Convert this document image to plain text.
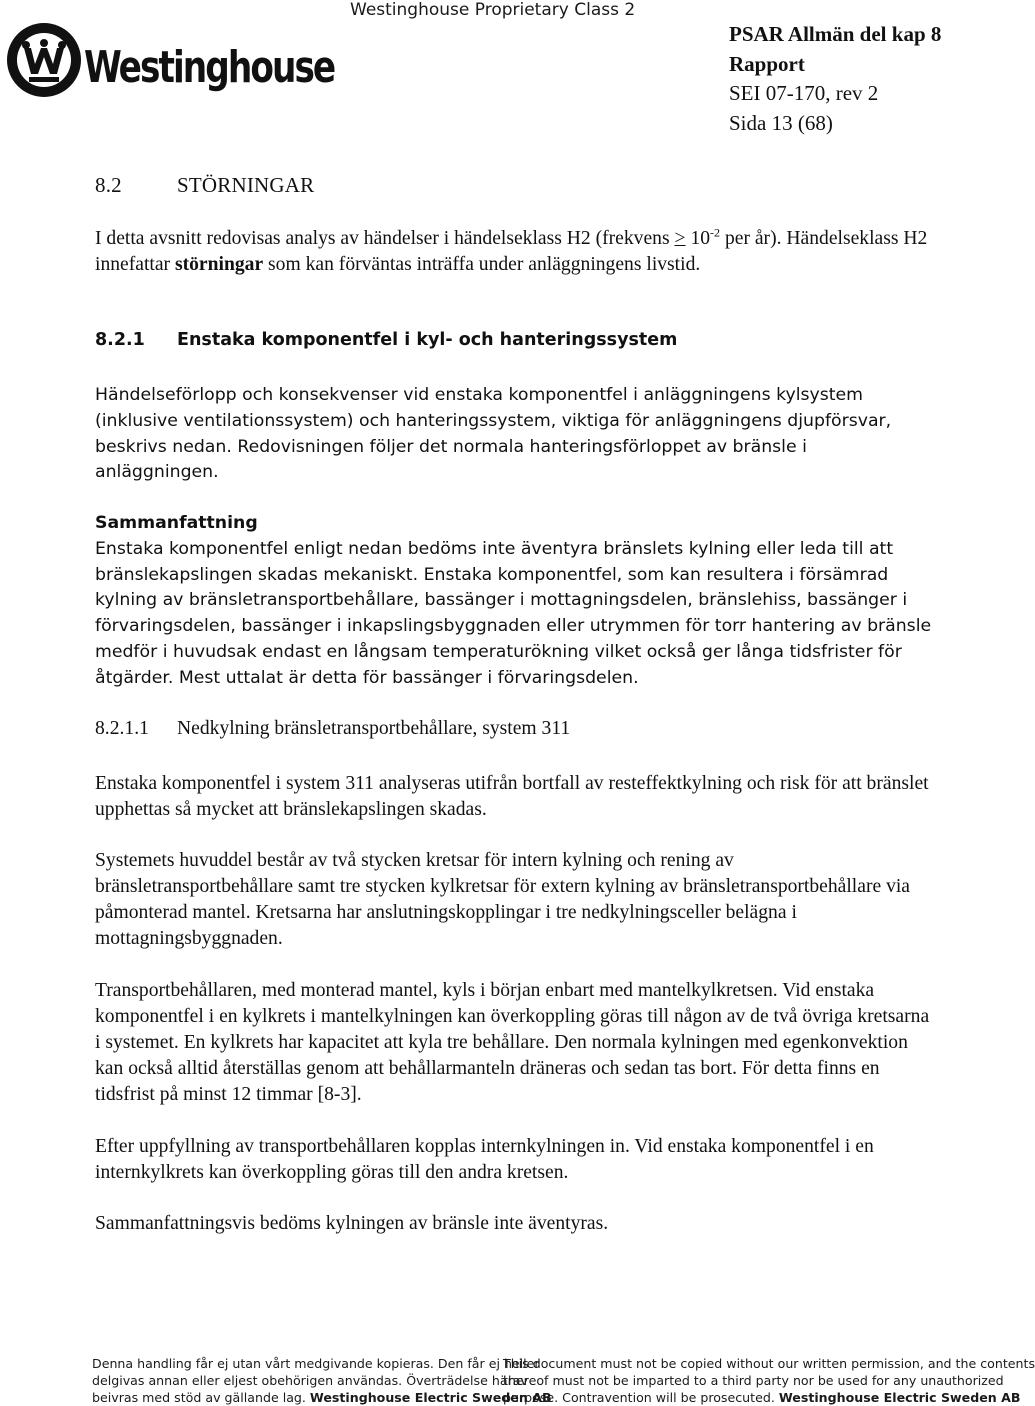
Westinghouse Proprietary Class 2
Westinghouse
PSAR Allmän del kap 8
Rapport
SEI 07-170, rev 2
Sida 13 (68)
8.2	STÖRNINGAR
I detta avsnitt redovisas analys av händelser i händelseklass H2 (frekvens ≥ $10^{-2}$ per år). Händelseklass H2 innefattar störningar som kan förväntas inträffa under anläggningens livstid.
8.2.1 Enstaka komponentfel i kyl- och hanteringssystem
Händelseförlopp och konsekvenser vid enstaka komponentfel i anläggningens kylsystem (inklusive ventilationssystem) och hanteringssystem, viktiga för anläggningens djupförsvar, beskrivs nedan. Redovisningen följer det normala hanteringsförloppet av bränsle i anläggningen.
Sammanfattning
Enstaka komponentfel enligt nedan bedöms inte äventyra bränslets kylning eller leda till att bränslekapslingen skadas mekaniskt. Enstaka komponentfel, som kan resultera i försämrad kylning av bränsletransportbehållare, bassänger i mottagningsdelen, bränslehiss, bassänger i förvaringsdelen, bassänger i inkapslingsbyggnaden eller utrymmen för torr hantering av bränsle medför i huvudsak endast en långsam temperaturökning vilket också ger långa tidsfrister för åtgärder. Mest uttalat är detta för bassänger i förvaringsdelen.
8.2.1.1 Nedkylning bränsletransportbehållare, system 311
Enstaka komponentfel i system 311 analyseras utifrån bortfall av resteffektkylning och risk för att bränslet upphettas så mycket att bränslekapslingen skadas.
Systemets huvuddel består av två stycken kretsar för intern kylning och rening av bränsletransportbehållare samt tre stycken kylkretsar för extern kylning av bränsletransportbehållare via påmonterad mantel. Kretsarna har anslutningskopplingar i tre nedkylningsceller belägna i mottagningsbyggnaden.
Transportbehållaren, med monterad mantel, kyls i början enbart med mantelkylkretsen. Vid enstaka komponentfel i en kylkrets i mantelkylningen kan överkoppling göras till någon av de två övriga kretsarna i systemet. En kylkrets har kapacitet att kyla tre behållare. Den normala kylningen med egenkonvektion kan också alltid återställas genom att behållarmanteln dräneras och sedan tas bort. För detta finns en tidsfrist på minst 12 timmar [8-3].
Efter uppfyllning av transportbehållaren kopplas internkylningen in. Vid enstaka komponentfel i en internkylkrets kan överkoppling göras till den andra kretsen.
Sammanfattningsvis bedöms kylningen av bränsle inte äventyras.
Denna handling får ej utan vårt medgivande kopieras. Den får ej heller
delgivas annan eller eljest obehörigen användas. Överträdelse härav
beivras med stöd av gällande lag. Westinghouse Electric Sweden AB
This document must not be copied without our written permission, and the contents
thereof must not be imparted to a third party nor be used for any unauthorized
purpose. Contravention will be prosecuted. Westinghouse Electric Sweden AB
